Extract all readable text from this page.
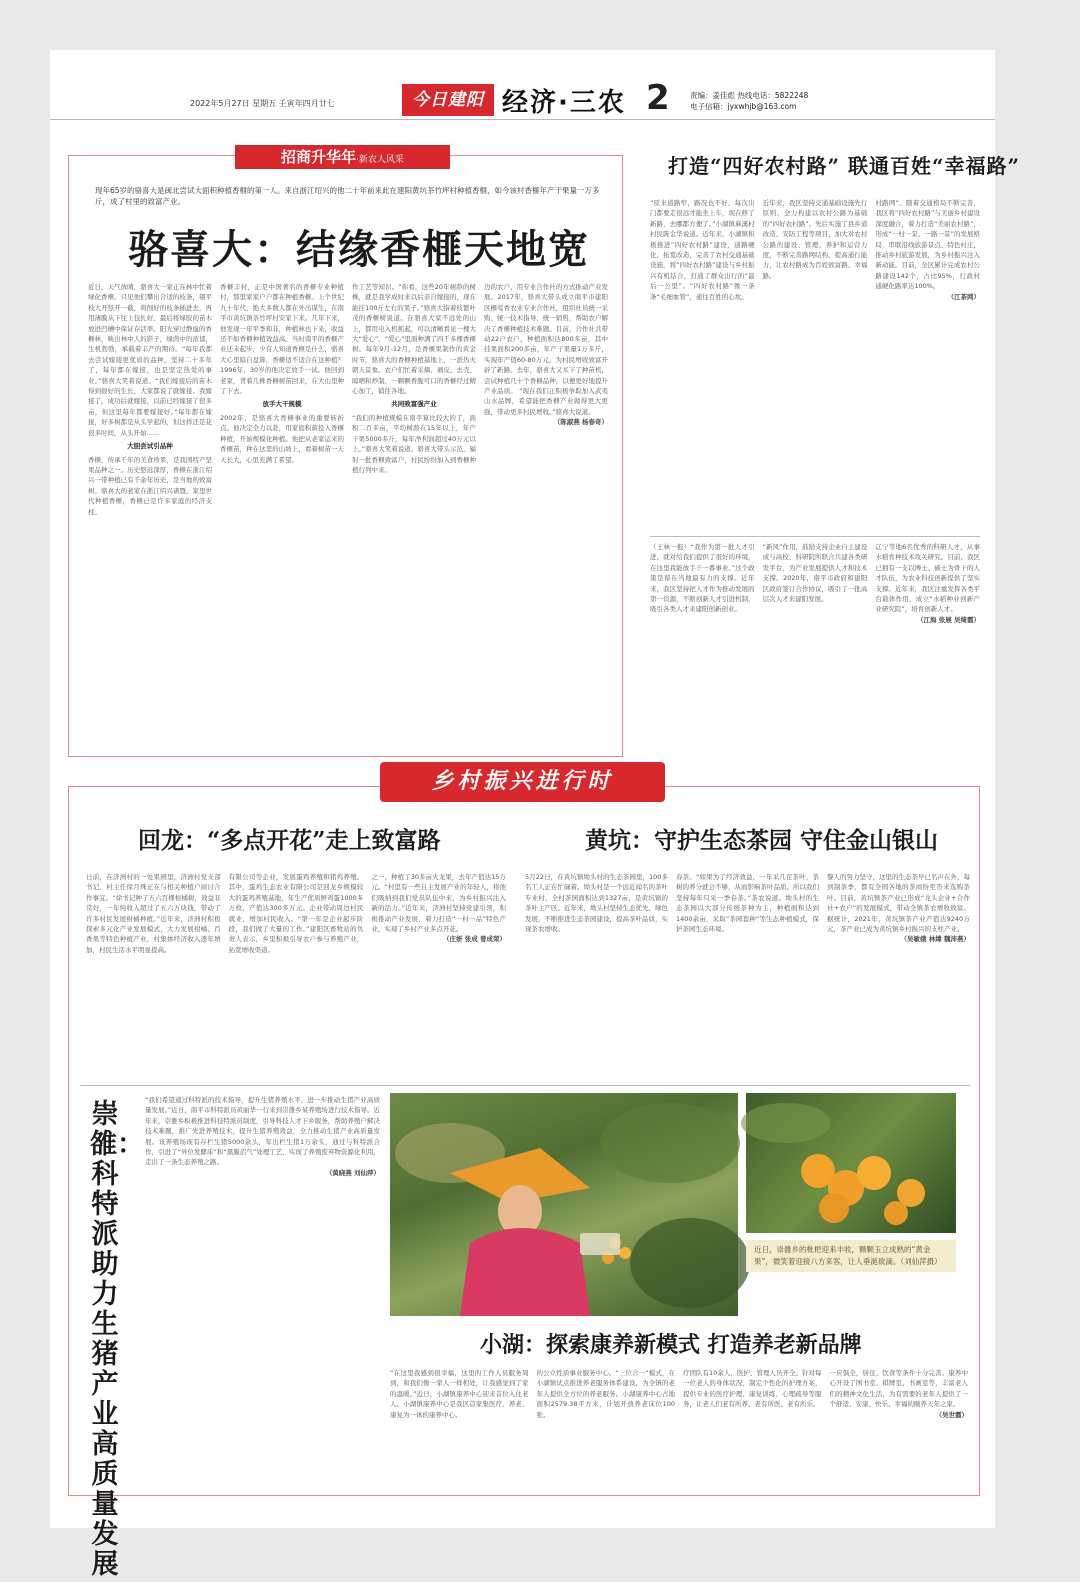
2022年5月27日 星期五 壬寅年四月廿七	今日建阳 经济·三农 2	责编：姜佳彪 热线电话：5822248
电子信箱：jyxwhjb@163.com
招商升华年·新农人风采
现年65岁的骆喜大是闽北尝试大面积种植香榧的第一人。来自浙江绍兴的他二十年前来此在建阳黄坑茶竹坪村种植香榧，如今该村香榧年产干果量一万多斤，成了村里的致富产业。
骆喜大：结缘香榧天地宽
近日，天气放晴，骆喜大一家正在林中忙着绿化香榧。只见他们攀出合适的枝条，剔平枝大开竖开一截，将削好的枝条插进去，再用薄膜从下往上包扎好，最后将绿胶的苗木放进凹槽中保证存活率。阳光穿过静谧的香榧林，映出林中人的影子，绿茵中的浓郁，生机勃勃，承载着丰产的期待。“每年我都去尝试嫁接更优质的品种，坚持二十多年了，每年都在嫁接，也是坚定热爱的事业。”骆喜大笑着说道。“我们嫁接后的苗木得到很好的生长，大家都说了就嫁接。我嫁接了，成功后就嫁接，以前已经嫁接了很多亩，但这里每年都要嫁接好。”每年都在嫁接，好多树都是从头学起的，但这样还是花很多时间，从头开始……
大胆尝试引品种
香榧，传承千年的美食珍果，是我国特产坚果品种之一。历史悠远深厚，香榧在浙江绍兴一带种植已有千余年历史，是当地的致富树。骆喜大的老家在浙江绍兴诸暨，家里世代种植香榧，香榧已是许多家庭的经济支柱。
香榧丰村，正是中国著名的香榧专业种植村，那里家家户户都在种植香榧。上个世纪九十年代，绝大多数人都在外出谋生，在南平市黄坑镇茶竹坪村安家下来。几年下来，他发现一年平季和非，种植林也下来，收益还不如香榧种植效益高。当时南平的香榧产业还未起步，少有人知道香榧是什么，骆喜大心里暗自盘算，香榧适不适合在这种植？1996年，30岁的他决定放手一试。他回到老家，背着几株香榧树苗回来，在大山里种了下去。
放手大干规模
2002年，是骆喜大香榧事业的重要转折点。他决定全力以赴，用家庭积蓄投入香榧种植，开始规模化种植。他把从老家运来的香榧苗，种在这里的山坡上，看着树苗一天天长大，心里充满了希望。
作工艺等知识。“你看，这些20年树龄的树株，就是我学成时来以后亲自嫁接的，现在能挂100斤左右的果子。”骆喜大指着枝繁叶茂的香榧树说道。在骆喜大家不远处的山上，都用电入机抓起，可以清晰看见一棵大大“爱心”、“爱心”里面种满了四千多棵香榧树。每年9月-12月，是香榧果制作的黄金时节，骆喜大的香榧种植基地上，一派热火朝天景象。农户们忙着采摘、剥皮、去壳、晾晒和炒制，一颗颗香脆可口的香榧经过精心加工，销往各地。
共同致富强产业
“我们的种植规模在南平算比较大的了，面积二百多亩，平均树龄在15年以上，年产干果5000多斤，每年净利润超过40万元以上。”骆喜大笑着说道。骆喜大带头示范，辐射一批香榧致富户，村民纷纷加入到香榧种植行列中来。
边的农户，用专业合作社的方式推动产业发展。2017年，骆喜大带头成立南平市建阳区榧莺香农业专业合作社，组织社员统一采购、统一技术指导、统一销售，帮助农户解决了香榧种植技术难题。目前，合作社共带动22户农户，种植面积达800多亩，其中挂果面积200多亩，年产干果量1万多斤，实现年产值60-80万元，为村民增收致富开辟了新路。去年，骆喜大又买下了种苗机，尝试种植几十个香榧品种，以便更好地提升产业品质。 “现在我们正积极争取加入武夷山水品牌，希望能把香榧产业做得更大更强，带动更多村民增收。”骆喜大说道。
（陈淑燕 杨春奇）
打造“四好农村路” 联通百姓“幸福路”
“原来道路窄，路况也不好，每次出门都要走很远才能坐上车，现在修了新路，去哪都方便了。”小湖镇麻溪村村民陈金华说道。近年来，小湖镇积极推进“四好农村路”建设，道路硬化、拓宽改造，完善了农村交通基础设施，将“四好农村路”建设与乡村振兴有机结合，打通了群众出行的“最后一公里”。“四好农村路”像一条条“毛细血管”，通往百姓的心坎。
近年来，我区坚持交通基础设施先行原则，全力构建以农村公路为基础的“四好农村路”。先后实施了县乡道改造、安防工程等项目，加大对农村公路的建设、管理、养护和运营力度，不断完善路网结构，提高通行能力，让农村路成为百姓致富路、幸福路。
村路网”。随着交通格局不断完善，我区将“四好农村路”与美丽乡村建设深度融合，着力打造“美丽农村路”，形成“一村一景、一路一景”的发展格局，串联沿线旅游景点、特色村庄，推动乡村旅游发展，为乡村振兴注入新动能。目前，全区累计完成农村公路建设142个，占比95%，行政村通硬化路率达100%。
（江茶网）
（王林一报）“我作为第一批人才引进，就对给我们提供了很好的环境，在这里我能放手干一番事业。”这个政策是留在当地最有力的支撑。近年来，我区坚持把人才作为推动发展的第一资源，不断创新人才引进机制，吸引各类人才来建阳创新创业。
“新风”作用，鼓励支持企业自主建设或与高校、科研院所联合共建各类研发平台，为产业发展提供人才和技术支撑。2020年，南平市政府和建阳区政府签订合作协议，吸引了一批高层次人才来建阳发展。
辽宁等地6名优秀的科研人才，从事水稻育种技术攻关研究。目前，我区已拥有一支以博士、硕士为骨干的人才队伍，为农业科技创新提供了坚实支撑。近年来，我区注重发挥各类平台载体作用，成立“水稻种业创新产业研究院”，培育创新人才。
（江海 张展 吴绮霞）
乡村振兴进行时
回龙：“多点开花”走上致富路
日前，在济洲村的一处果园里，济洲村党支部书记、村主任徐月珠正在与相关种植户商讨合作事宜。“徐书记种了五六百棵柑橘树，效益非常好，一年纯收入超过了五六万块钱，带动了许多村民发展柑橘种植。”近年来，济洲村积极探索多元化产业发展模式，大力发展柑橘、百香果等特色种植产业，村集体经济收入逐年增加，村民生活水平明显提高。
有限公司等企业，发展蛋鸡养殖和猪鸡养殖。其中，蛋鸡生态农业有限公司是回龙乡规模较大的蛋鸡养殖基地，年生产优质鲜鸡蛋1000多万枚，产值达300多万元。企业带动周边村民就业，增加村民收入。“第一年是企业起步阶段，我们做了大量的工作。”建阳区畜牧站的负责人表示，乡里积极引导农户参与养殖产业，拓宽增收渠道。
之一，种植了30多亩火龙果，去年产值达15万元。“村里有一些自主发展产业的年轻人，将他们吸纳到我们党员队伍中来，为乡村振兴注入新的活力。”近年来，济洲村坚持党建引领，积极推动产业发展，着力打造“一村一品”特色产业，实现了乡村产业多点开花。
（庄妍 张成 曾成荣）
黄坑：守护生态茶园 守住金山银山
5月22日，在黄坑镇坳头村的生态茶园里，100多名工人正在忙碌着。坳头村是一个远近闻名的茶叶专业村，全村茶园面积达到1327亩，是黄坑镇的茶叶主产区。近年来，坳头村坚持生态优先、绿色发展，不断推进生态茶园建设，提高茶叶品质，实现茶农增收。
春茶。“如果为了经济效益，一年采几茬茶叶，茶树的养分就会不够，从而影响茶叶品质。所以我们坚持每年只采一季春茶。”茶农说道。坳头村的生态茶园以大部分传统茶种为主，种植面积达到1400余亩，采取“茶园套种”等生态种植模式，保护茶园生态环境。
黎人的努力坚守，这里的生态茶早已名声在外，每到制茶季，都有全国各地的茶商纷至沓来选购茶叶。目前，黄坑镇茶产业已形成“龙头企业+合作社+农户”的发展模式，带动全镇茶农增收致富。据统计，2021年，黄坑镇茶产业产值达9240万元，茶产业已成为黄坑镇乡村振兴的支柱产业。
（吴敏娥 林嫦 魏沛燕）
崇雒：科特派助力生猪产业高质量发展
“我们希望通过科特派的技术指导，提升生猪养殖水平，进一步推动生猪产业高质量发展。”近日，南平市科特派员黄丽华一行来到崇雒乡某养殖场进行技术指导。近年来，崇雒乡积极推进科技特派员制度，引导科技人才下乡服务，帮助养殖户解决技术难题，推广先进养殖技术，提升生猪养殖效益，全力推动生猪产业高质量发展。该养殖场现有存栏生猪5000余头，年出栏生猪1万余头，通过与科特派合作，引进了“异位发酵床”和“黑膜沼气”处理工艺，实现了养殖废弃物资源化利用，走出了一条生态养殖之路。
（黄晓燕 刘仙萍）
近日，崇雒乡的枇杷迎来丰收，颗颗玉立成熟的“黄金果”，微笑着迎接八方来客，让人垂涎欲滴。（刘仙萍摄）
小湖：探索康养新模式 打造养老新品牌
“在这里我感到很幸福，这里的工作人员服务周到，和我们像一家人一样相处，让我感觉到了家的温暖。”近日，小湖镇康养中心迎来首位入住老人。小湖镇康养中心是我区首家集医疗、养老、康复为一体的康养中心。
的公立性质事业服务中心。“三位合一”模式，在小湖镇试点推进养老服务体系建设，为全镇的老年人提供全方位的养老服务。小湖康养中心占地面积2579.38平方米，计划开放养老床位100张。
疗团队有10余人，医护、管理人员齐全。针对每一位老人的身体状况，制定个性化的护理方案，提供专业的医疗护理、康复训练、心理疏导等服务，让老人们老有所养、老有所医、老有所乐。
一应俱全，居住、饮食等条件十分完善。康养中心开设了图书室、棋牌室、书画室等，丰富老人们的精神文化生活，为有需要的老年人提供了一个舒适、安康、快乐、幸福的颐养天年之家。
（吴世霞）
